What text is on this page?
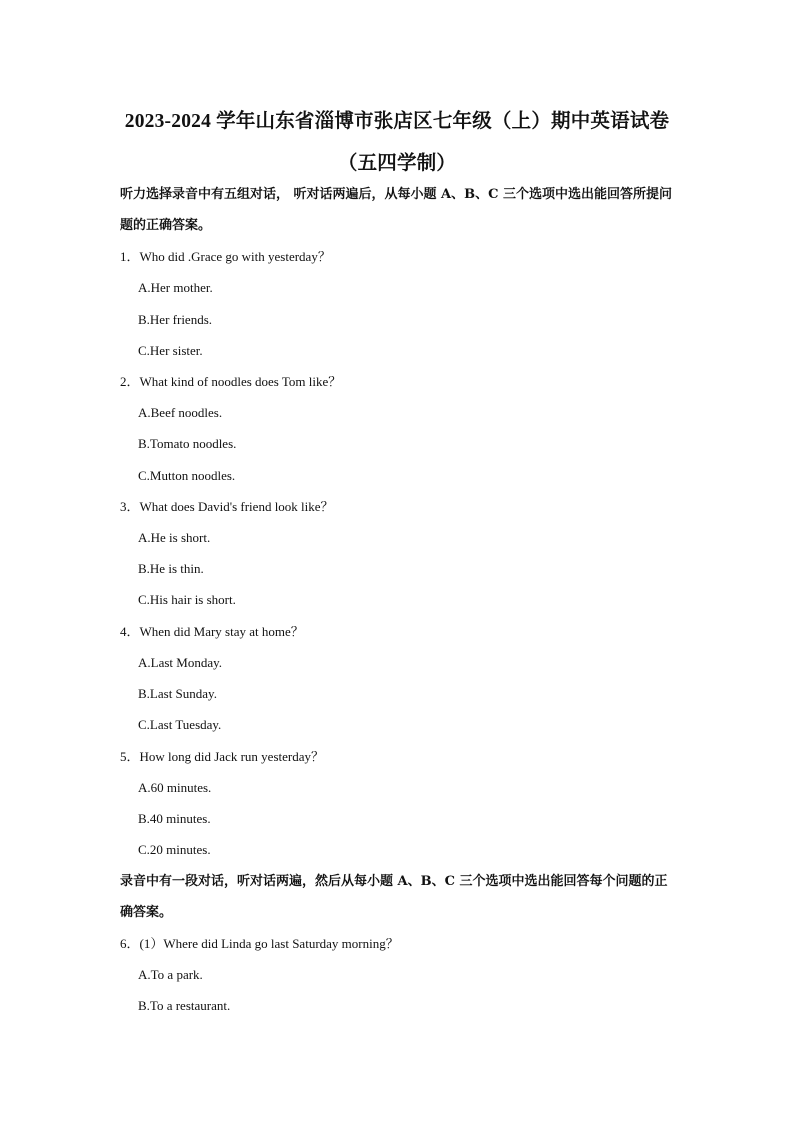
2023-2024 学年山东省淄博市张店区七年级（上）期中英语试卷
（五四学制）
听力选择录音中有五组对话， 听对话两遍后，从每小题 A、B、C 三个选项中选出能回答所提问题的正确答案。
1．Who did .Grace go with yesterday？
A.Her mother.
B.Her friends.
C.Her sister.
2．What kind of noodles does Tom like？
A.Beef noodles.
B.Tomato noodles.
C.Mutton noodles.
3．What does David's friend look like？
A.He is short.
B.He is thin.
C.His hair is short.
4．When did Mary stay at home？
A.Last Monday.
B.Last Sunday.
C.Last Tuesday.
5．How long did Jack run yesterday？
A.60 minutes.
B.40 minutes.
C.20 minutes.
录音中有一段对话，听对话两遍，然后从每小题 A、B、C 三个选项中选出能回答每个问题的正确答案。
6．(1）Where did Linda go last Saturday morning？
A.To a park.
B.To a restaurant.
